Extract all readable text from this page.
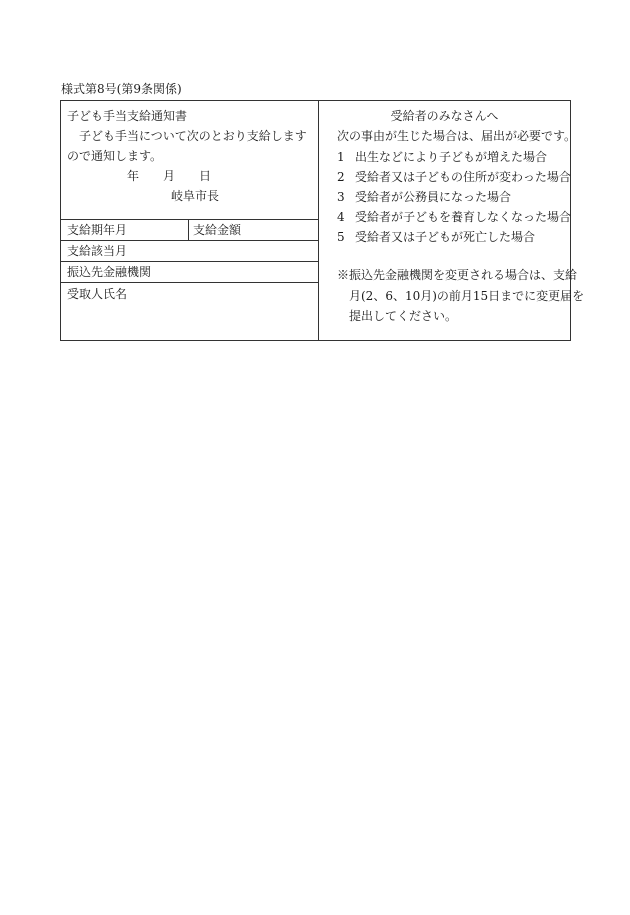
様式第8号(第9条関係)
子ども手当支給通知書
　子ども手当について次のとおり支給します
ので通知します。
年 月 日
岐阜市長
支給期年月	支給金額
支給該当月
振込先金融機関
受取人氏名
受給者のみなさんへ
次の事由が生じた場合は、届出が必要です。
1 出生などにより子どもが増えた場合
2 受給者又は子どもの住所が変わった場合
3 受給者が公務員になった場合
4 受給者が子どもを養育しなくなった場合
5 受給者又は子どもが死亡した場合
※振込先金融機関を変更される場合は、支給
月(2、6、10月)の前月15日までに変更届を
提出してください。
